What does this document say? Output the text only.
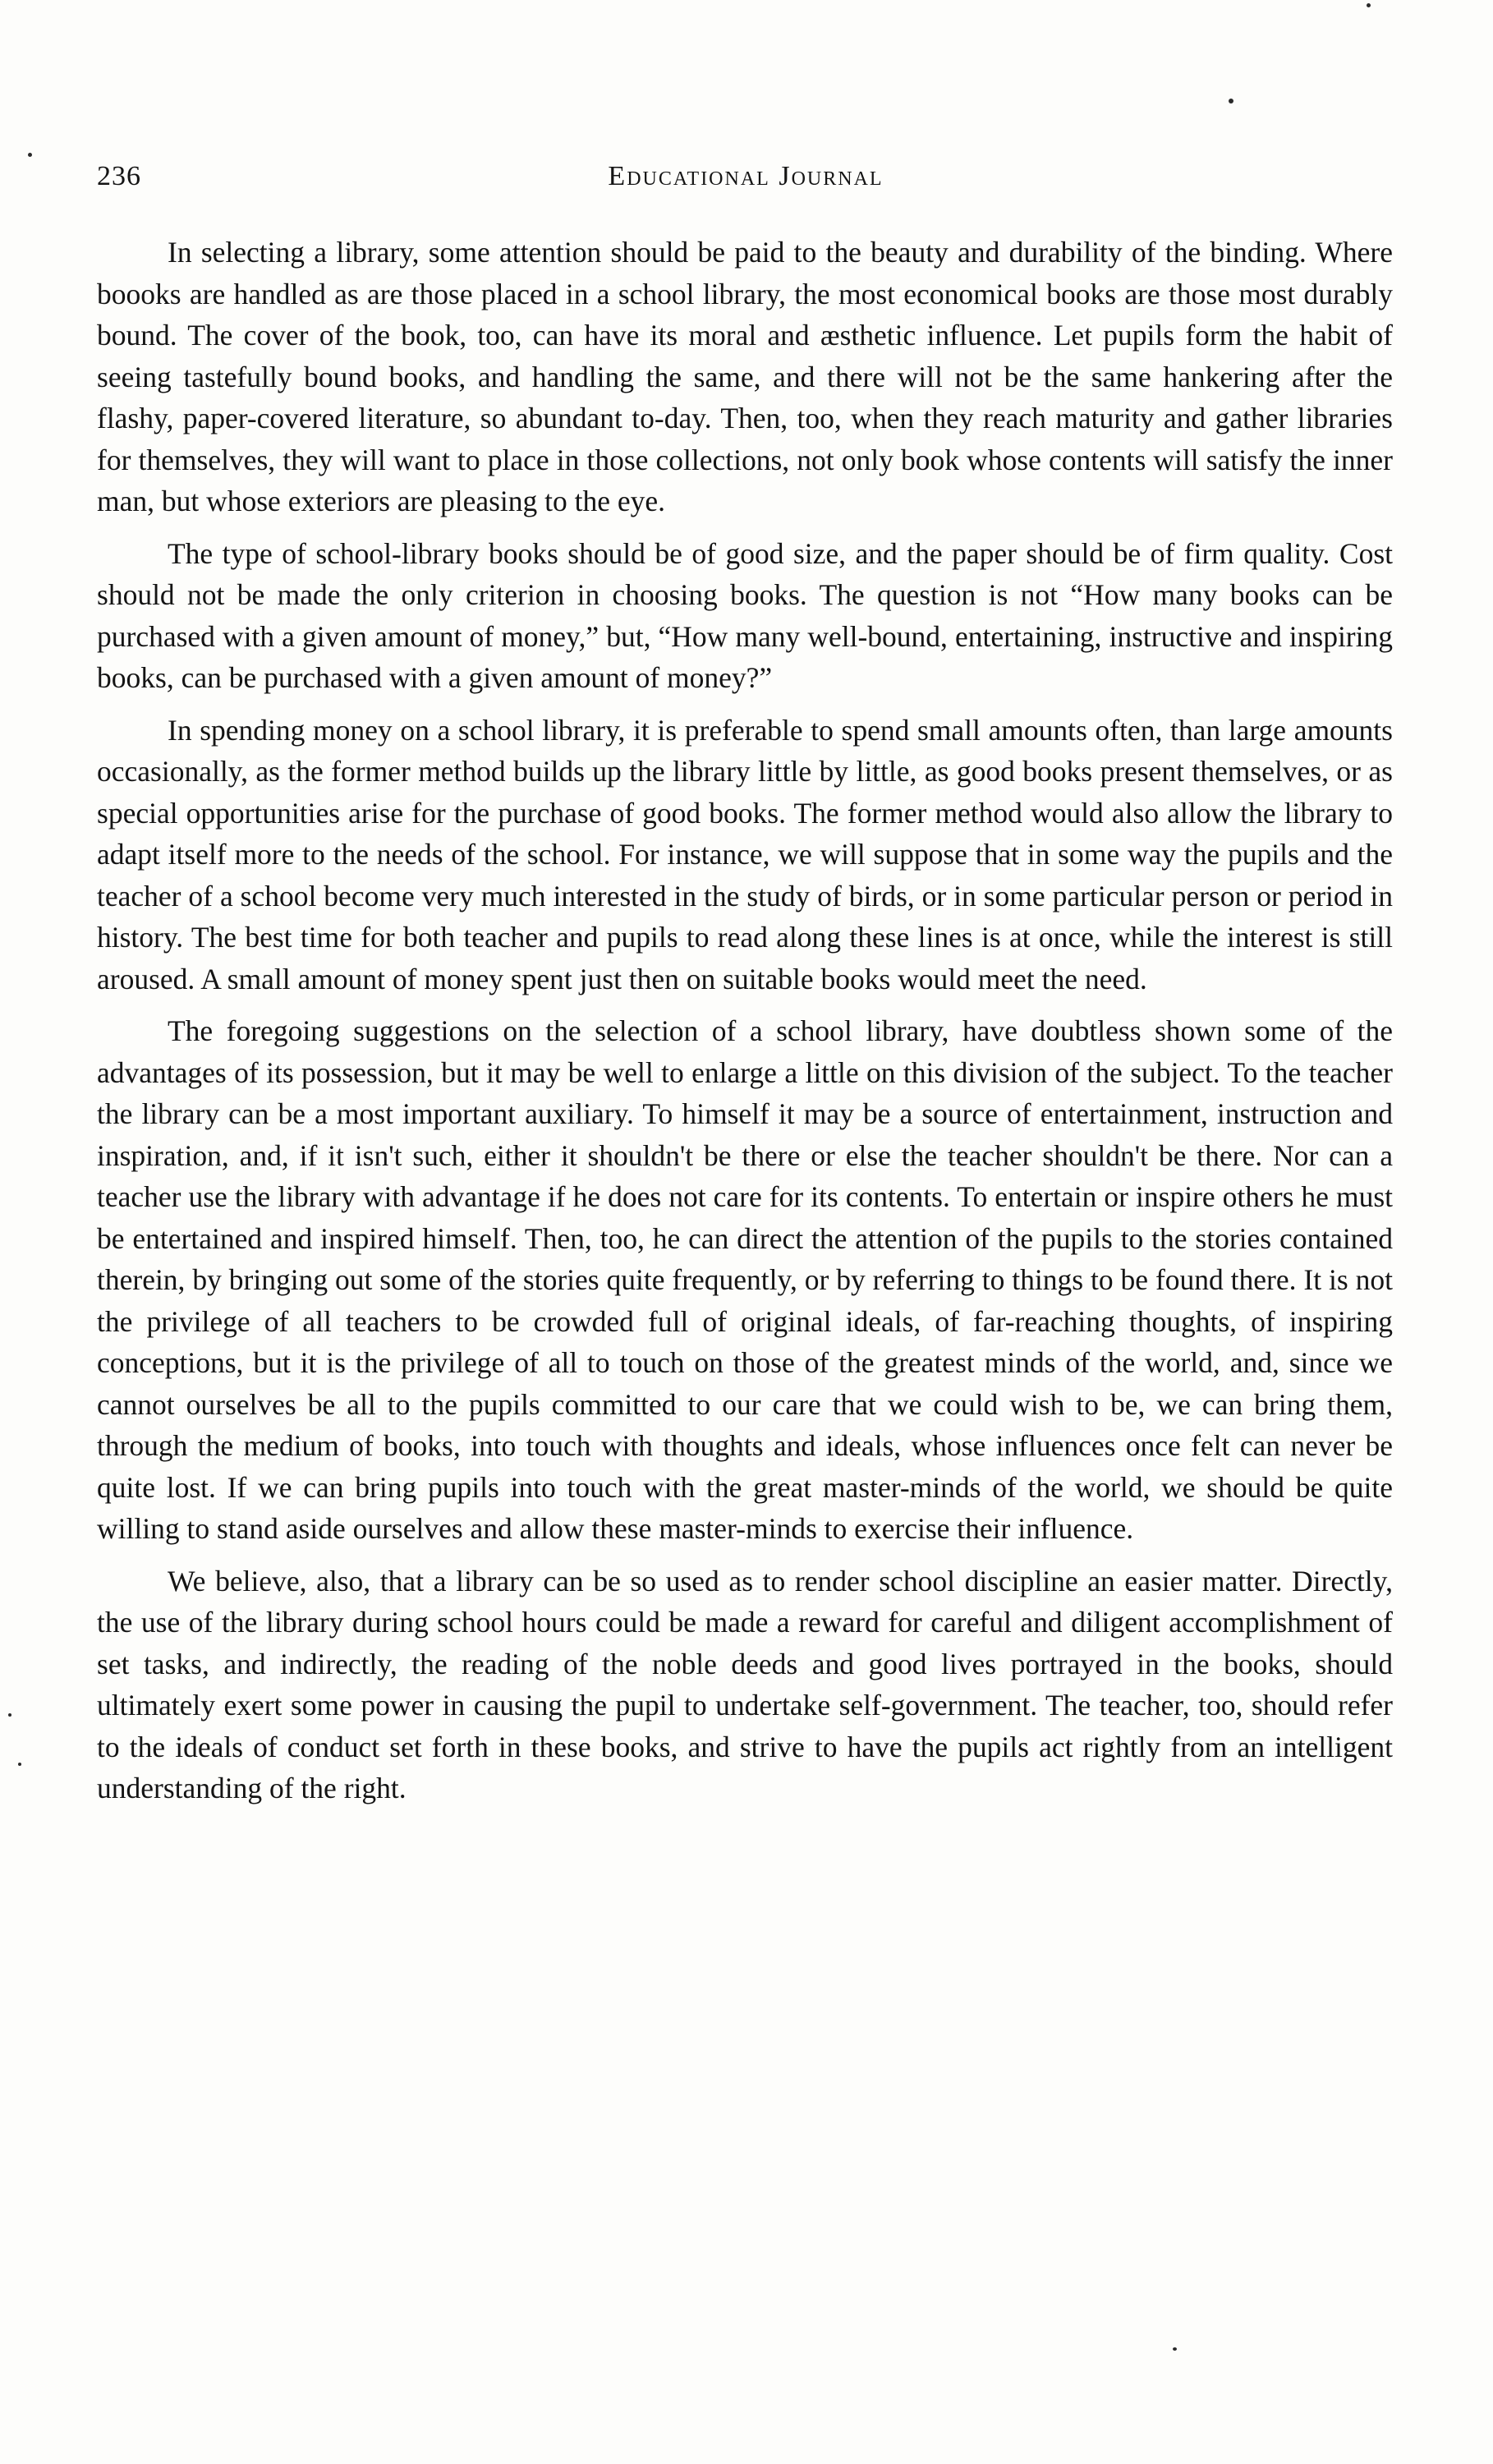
236	Educational Journal

In selecting a library, some attention should be paid to the beauty and durability of the binding. Where boooks are handled as are those placed in a school library, the most economical books are those most durably bound. The cover of the book, too, can have its moral and æsthetic influence. Let pupils form the habit of seeing tastefully bound books, and handling the same, and there will not be the same hankering after the flashy, paper-covered literature, so abundant to-day. Then, too, when they reach maturity and gather libraries for themselves, they will want to place in those collections, not only book whose contents will satisfy the inner man, but whose exteriors are pleasing to the eye.

The type of school-library books should be of good size, and the paper should be of firm quality. Cost should not be made the only criterion in choosing books. The question is not “How many books can be purchased with a given amount of money,” but, “How many well-bound, entertaining, instructive and inspiring books, can be purchased with a given amount of money?”

In spending money on a school library, it is preferable to spend small amounts often, than large amounts occasionally, as the former method builds up the library little by little, as good books present themselves, or as special opportunities arise for the purchase of good books. The former method would also allow the library to adapt itself more to the needs of the school. For instance, we will suppose that in some way the pupils and the teacher of a school become very much interested in the study of birds, or in some particular person or period in history. The best time for both teacher and pupils to read along these lines is at once, while the interest is still aroused. A small amount of money spent just then on suitable books would meet the need.

The foregoing suggestions on the selection of a school library, have doubtless shown some of the advantages of its possession, but it may be well to enlarge a little on this division of the subject. To the teacher the library can be a most important auxiliary. To himself it may be a source of entertainment, instruction and inspiration, and, if it isn't such, either it shouldn't be there or else the teacher shouldn't be there. Nor can a teacher use the library with advantage if he does not care for its contents. To entertain or inspire others he must be entertained and inspired himself. Then, too, he can direct the attention of the pupils to the stories contained therein, by bringing out some of the stories quite frequently, or by referring to things to be found there. It is not the privilege of all teachers to be crowded full of original ideals, of far-reaching thoughts, of inspiring conceptions, but it is the privilege of all to touch on those of the greatest minds of the world, and, since we cannot ourselves be all to the pupils committed to our care that we could wish to be, we can bring them, through the medium of books, into touch with thoughts and ideals, whose influences once felt can never be quite lost. If we can bring pupils into touch with the great master-minds of the world, we should be quite willing to stand aside ourselves and allow these master-minds to exercise their influence.

We believe, also, that a library can be so used as to render school discipline an easier matter. Directly, the use of the library during school hours could be made a reward for careful and diligent accomplishment of set tasks, and indirectly, the reading of the noble deeds and good lives portrayed in the books, should ultimately exert some power in causing the pupil to undertake self-government. The teacher, too, should refer to the ideals of conduct set forth in these books, and strive to have the pupils act rightly from an intelligent understanding of the right.
